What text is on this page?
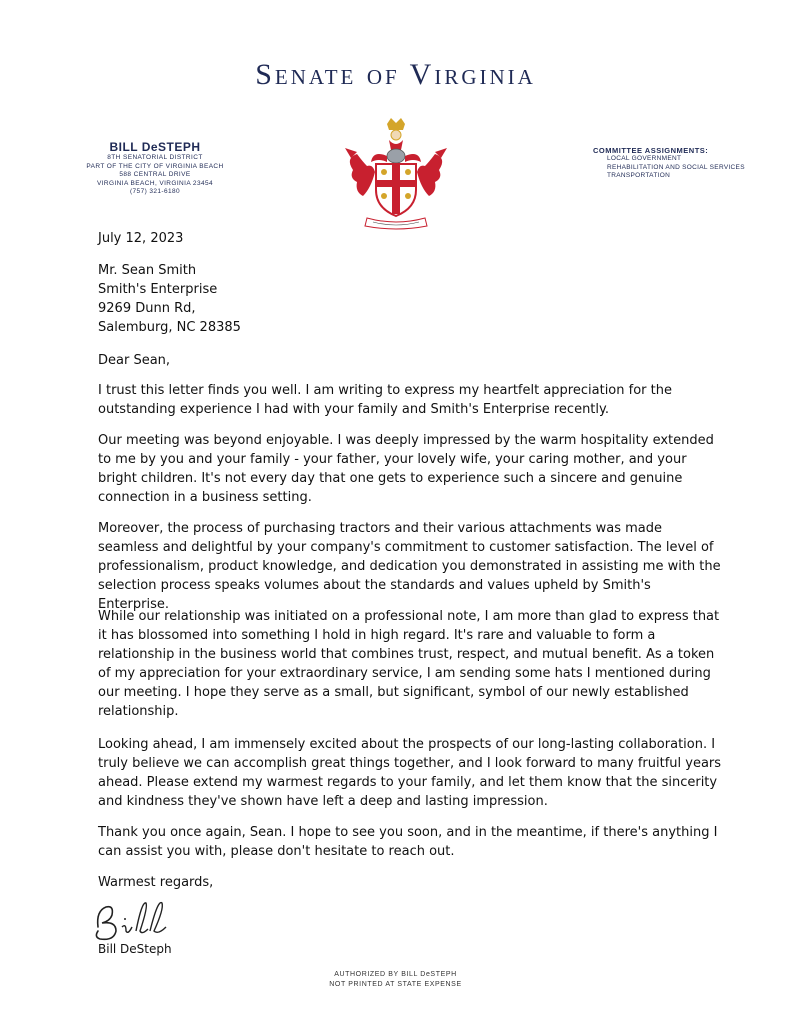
Senate of Virginia
BILL DeSTEPH
8TH SENATORIAL DISTRICT
PART OF THE CITY OF VIRGINIA BEACH
588 CENTRAL DRIVE
VIRGINIA BEACH, VIRGINIA 23454
(757) 321-6180
COMMITTEE ASSIGNMENTS:
LOCAL GOVERNMENT
REHABILITATION AND SOCIAL SERVICES
TRANSPORTATION
July 12, 2023

Mr. Sean Smith

Smith's Enterprise

9269 Dunn Rd,

Salemburg, NC 28385

Dear Sean,
I trust this letter finds you well. I am writing to express my heartfelt appreciation for the outstanding experience I had with your family and Smith's Enterprise recently.
Our meeting was beyond enjoyable. I was deeply impressed by the warm hospitality extended to me by you and your family - your father, your lovely wife, your caring mother, and your bright children. It's not every day that one gets to experience such a sincere and genuine connection in a business setting.
Moreover, the process of purchasing tractors and their various attachments was made seamless and delightful by your company's commitment to customer satisfaction. The level of professionalism, product knowledge, and dedication you demonstrated in assisting me with the selection process speaks volumes about the standards and values upheld by Smith's Enterprise.
While our relationship was initiated on a professional note, I am more than glad to express that it has blossomed into something I hold in high regard. It's rare and valuable to form a relationship in the business world that combines trust, respect, and mutual benefit. As a token of my appreciation for your extraordinary service, I am sending some hats I mentioned during our meeting. I hope they serve as a small, but significant, symbol of our newly established relationship.
Looking ahead, I am immensely excited about the prospects of our long-lasting collaboration. I truly believe we can accomplish great things together, and I look forward to many fruitful years ahead. Please extend my warmest regards to your family, and let them know that the sincerity and kindness they've shown have left a deep and lasting impression.
Thank you once again, Sean. I hope to see you soon, and in the meantime, if there's anything I can assist you with, please don't hesitate to reach out.
Warmest regards,
Bill DeSteph
AUTHORIZED BY BILL DeSTEPH
NOT PRINTED AT STATE EXPENSE
